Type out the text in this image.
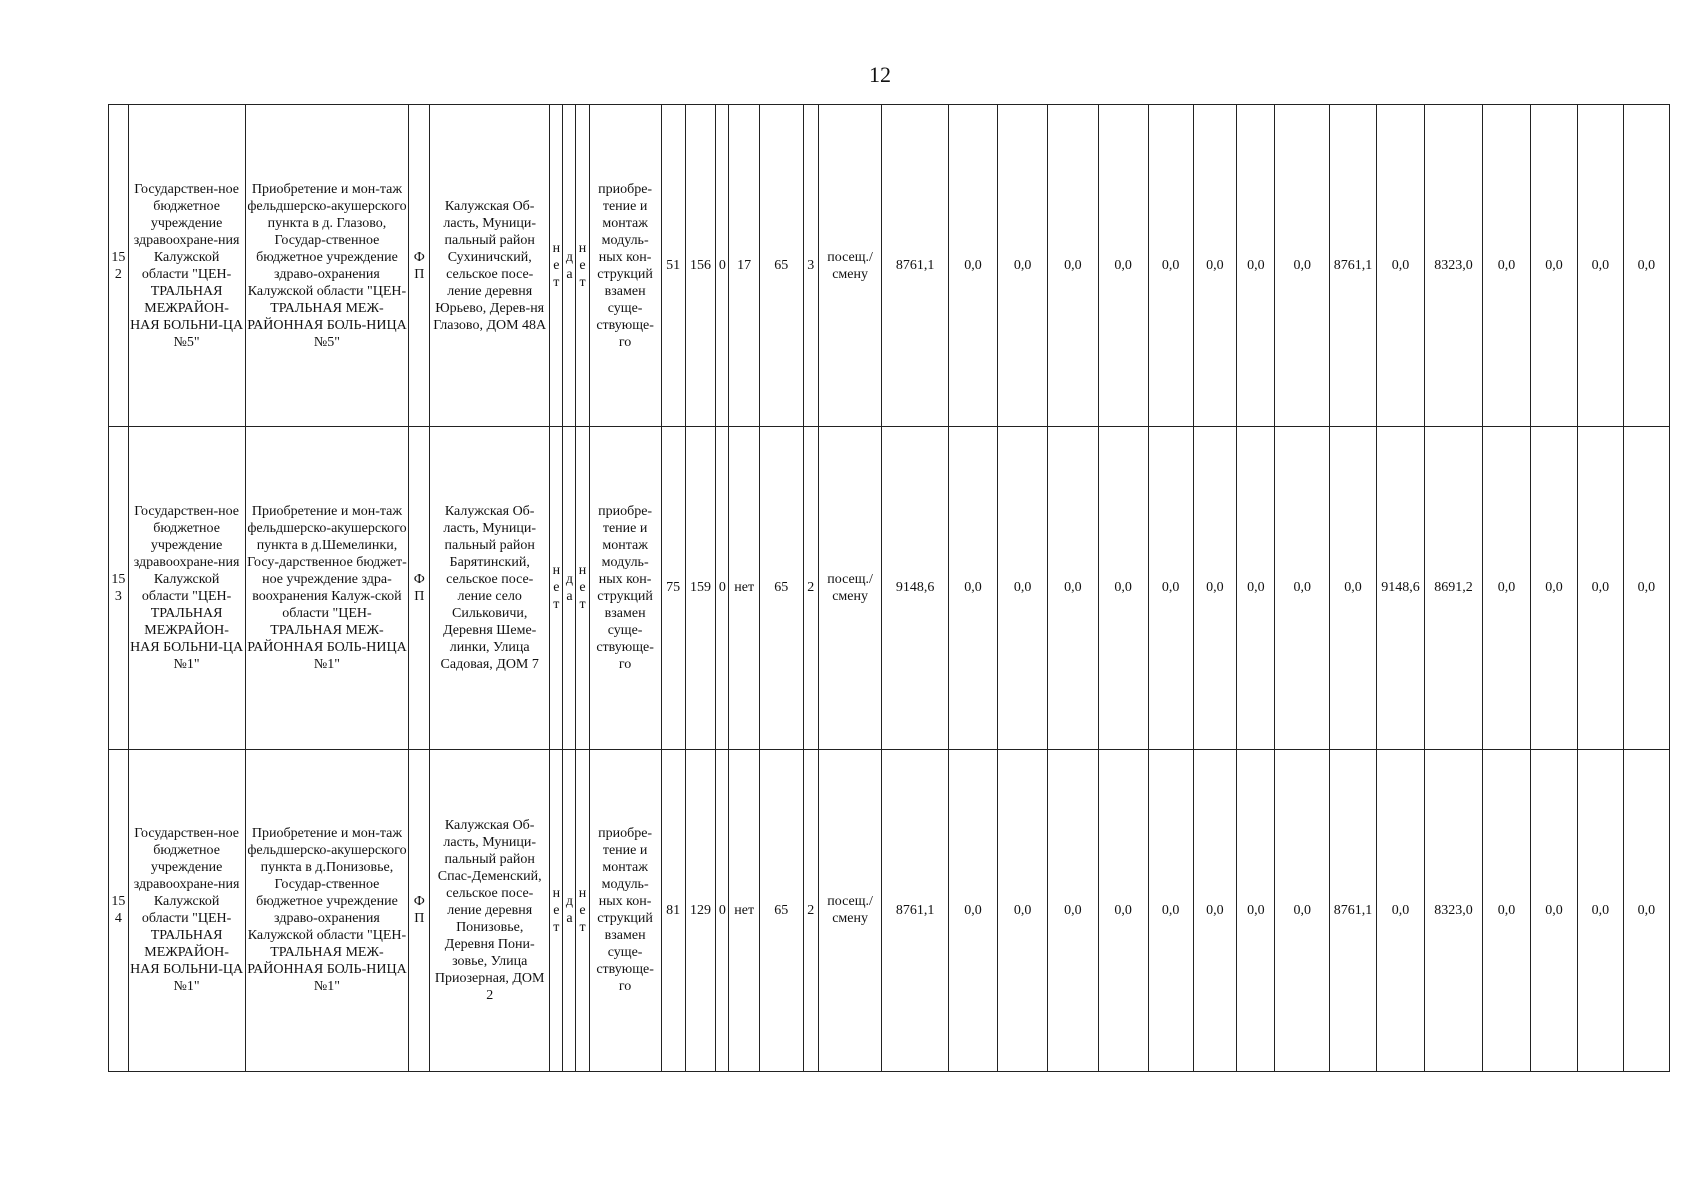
12
152	Государствен-ное бюджетное учреждение здравоохране-ния Калужской области "ЦЕН-ТРАЛЬНАЯ МЕЖРАЙОН-НАЯ БОЛЬНИ-ЦА №5"	Приобретение и мон-таж фельдшерско-акушерского пункта в д. Глазово, Государ-ственное бюджетное учреждение здраво-охранения Калужской области "ЦЕН-ТРАЛЬНАЯ МЕЖ-РАЙОННАЯ БОЛЬ-НИЦА №5"	Ф П	Калужская Об-ласть, Муници-пальный район Сухиничский, сельское посе-ление деревня Юрьево, Дерев-ня Глазово, ДОМ 48А	н е т	д а	н е т	приобре-тение и монтаж модуль-ных кон-струкций взамен суще-ствующе-го	51	156	0	17	65	3	посещ./ смену	8761,1	0,0	0,0	0,0	0,0	0,0	0,0	0,0	0,0	8761,1	0,0	8323,0	0,0	0,0	0,0	0,0
153	Государствен-ное бюджетное учреждение здравоохране-ния Калужской области "ЦЕН-ТРАЛЬНАЯ МЕЖРАЙОН-НАЯ БОЛЬНИ-ЦА №1"	Приобретение и мон-таж фельдшерско-акушерского пункта в д.Шемелинки, Госу-дарственное бюджет-ное учреждение здра-воохранения Калуж-ской области "ЦЕН-ТРАЛЬНАЯ МЕЖ-РАЙОННАЯ БОЛЬ-НИЦА №1"	Ф П	Калужская Об-ласть, Муници-пальный район Барятинский, сельское посе-ление село Сильковичи, Деревня Шеме-линки, Улица Садовая, ДОМ 7	н е т	д а	н е т	приобре-тение и монтаж модуль-ных кон-струкций взамен суще-ствующе-го	75	159	0	нет	65	2	посещ./ смену	9148,6	0,0	0,0	0,0	0,0	0,0	0,0	0,0	0,0	0,0	9148,6	8691,2	0,0	0,0	0,0	0,0
154	Государствен-ное бюджетное учреждение здравоохране-ния Калужской области "ЦЕН-ТРАЛЬНАЯ МЕЖРАЙОН-НАЯ БОЛЬНИ-ЦА №1"	Приобретение и мон-таж фельдшерско-акушерского пункта в д.Понизовье, Государ-ственное бюджетное учреждение здраво-охранения Калужской области "ЦЕН-ТРАЛЬНАЯ МЕЖ-РАЙОННАЯ БОЛЬ-НИЦА №1"	Ф П	Калужская Об-ласть, Муници-пальный район Спас-Деменский, сельское посе-ление деревня Понизовье, Деревня Пони-зовье, Улица Приозерная, ДОМ 2	н е т	д а	н е т	приобре-тение и монтаж модуль-ных кон-струкций взамен суще-ствующе-го	81	129	0	нет	65	2	посещ./ смену	8761,1	0,0	0,0	0,0	0,0	0,0	0,0	0,0	0,0	8761,1	0,0	8323,0	0,0	0,0	0,0	0,0
